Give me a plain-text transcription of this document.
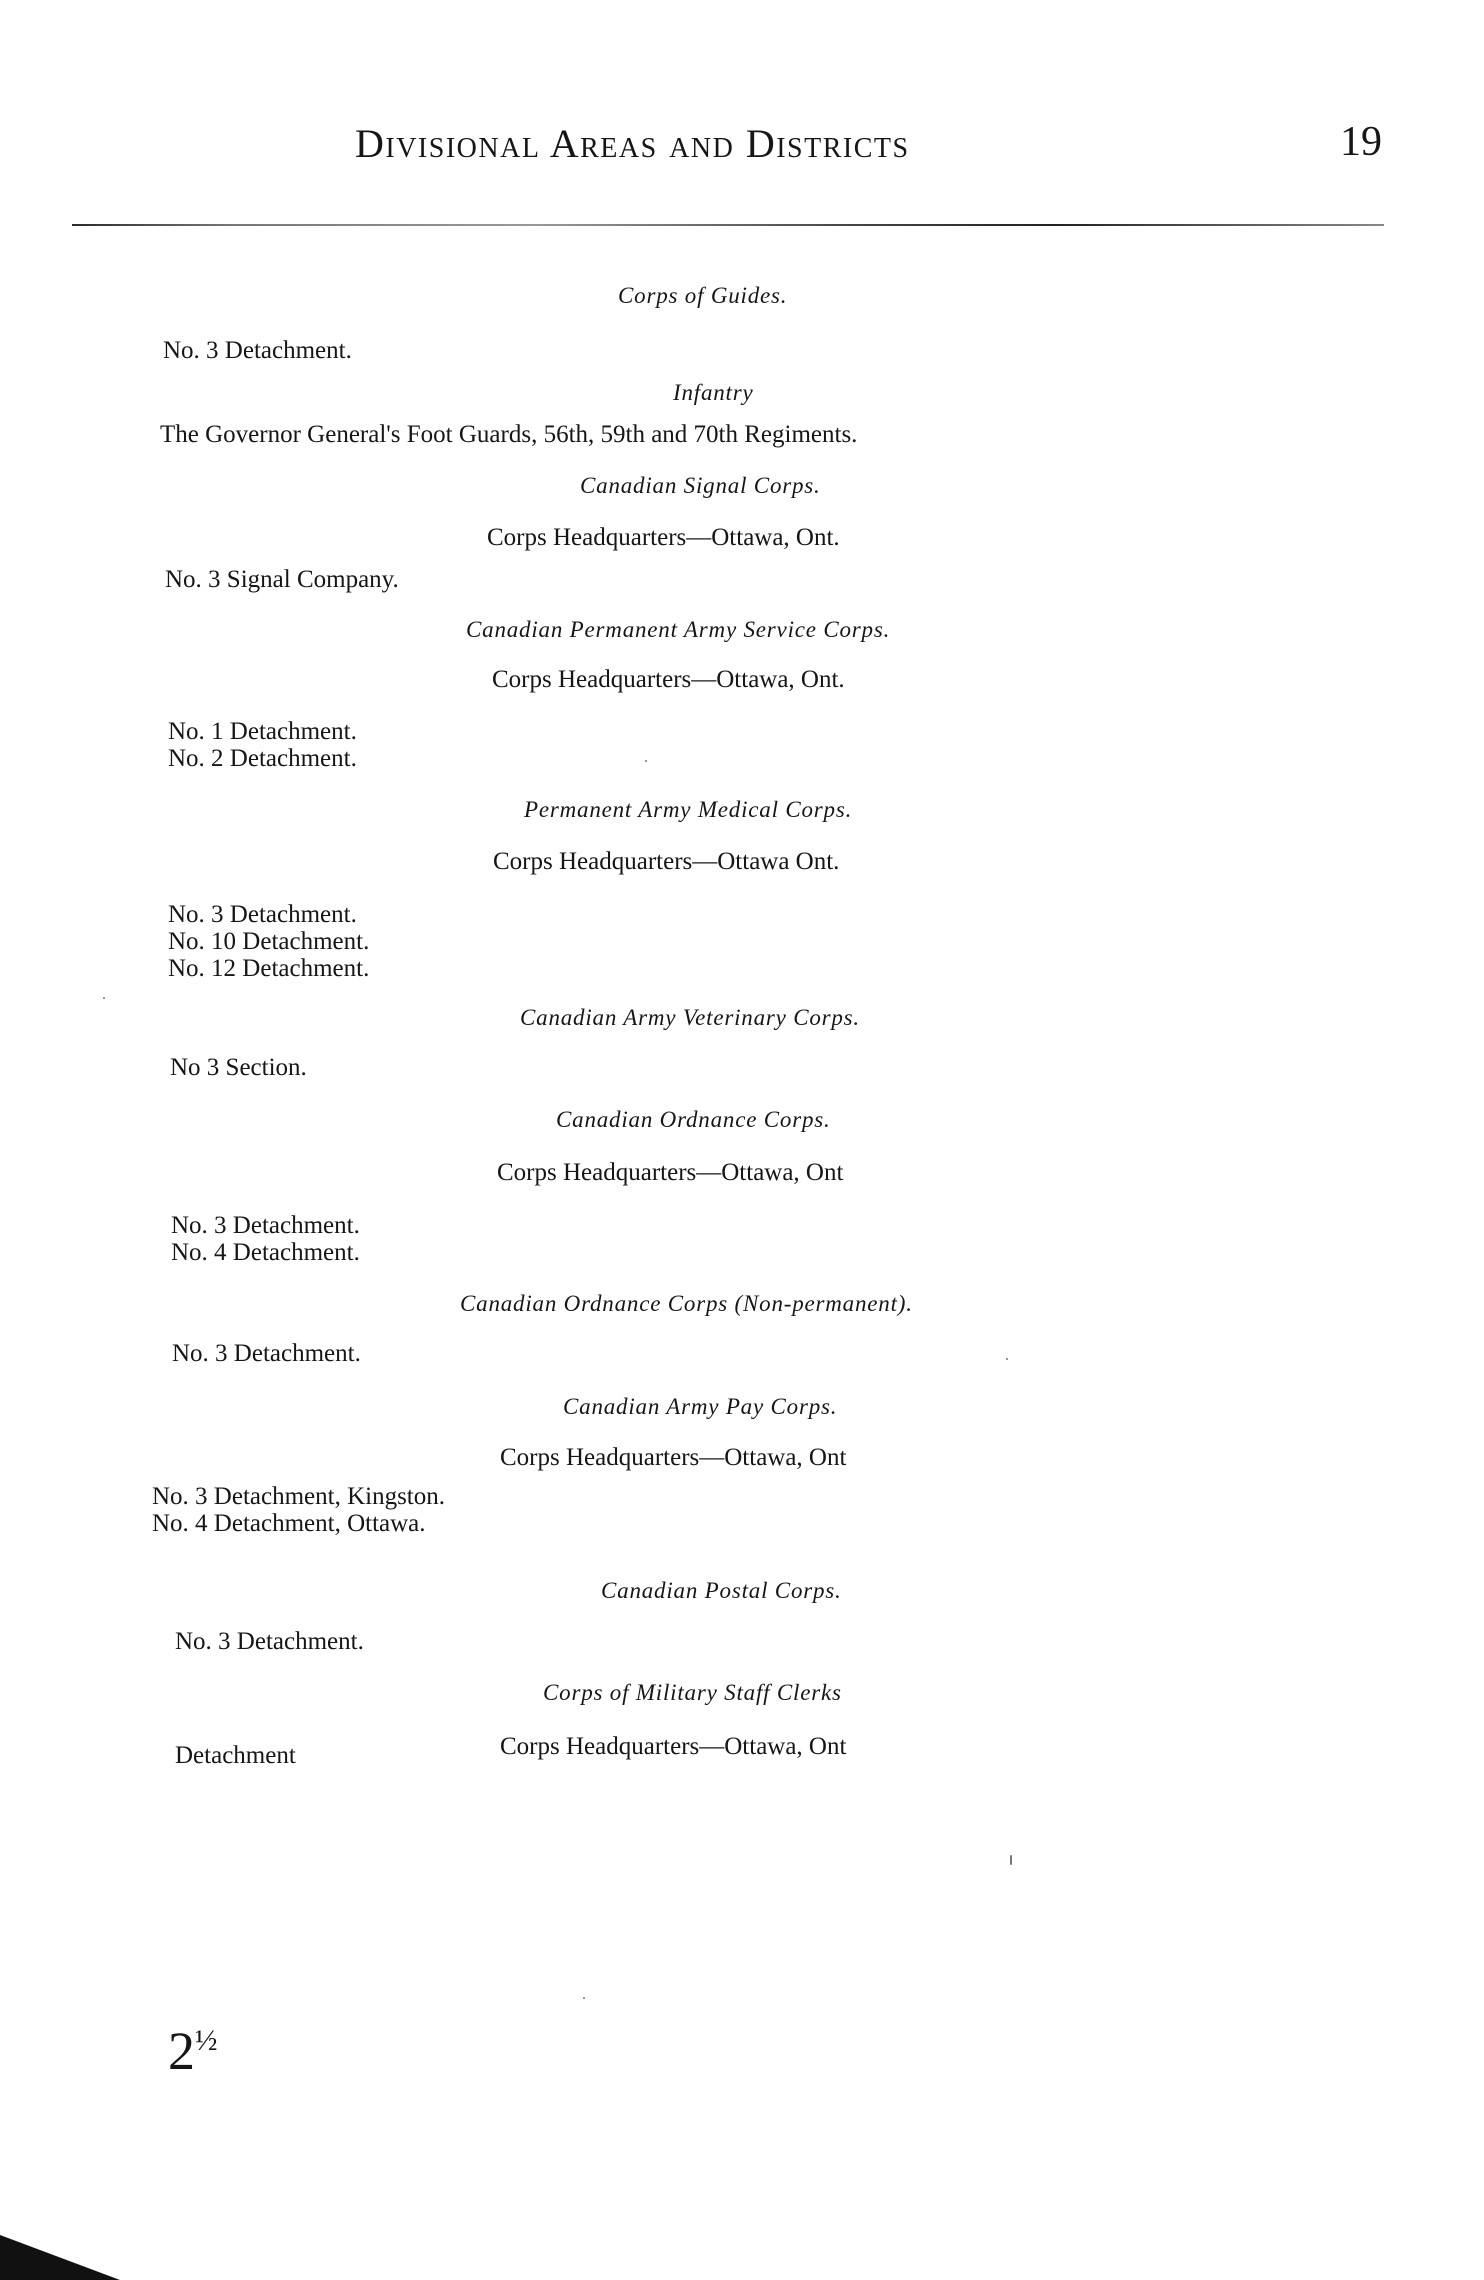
Divisional Areas and Districts	19
Corps of Guides.
No. 3 Detachment.
Infantry
The Governor General's Foot Guards, 56th, 59th and 70th Regiments.
Canadian Signal Corps.
Corps Headquarters—Ottawa, Ont.
No. 3 Signal Company.
Canadian Permanent Army Service Corps.
Corps Headquarters—Ottawa, Ont.
No. 1 Detachment.
No. 2 Detachment.
Permanent Army Medical Corps.
Corps Headquarters—Ottawa Ont.
No. 3 Detachment.
No. 10 Detachment.
No. 12 Detachment.
Canadian Army Veterinary Corps.
No 3 Section.
Canadian Ordnance Corps.
Corps Headquarters—Ottawa, Ont
No. 3 Detachment.
No. 4 Detachment.
Canadian Ordnance Corps (Non-permanent).
No. 3 Detachment.
Canadian Army Pay Corps.
Corps Headquarters—Ottawa, Ont
No. 3 Detachment, Kingston.
No. 4 Detachment, Ottawa.
Canadian Postal Corps.
No. 3 Detachment.
Corps of Military Staff Clerks
Corps Headquarters—Ottawa, Ont
Detachment
$2^{\frac{1}{2}}$
